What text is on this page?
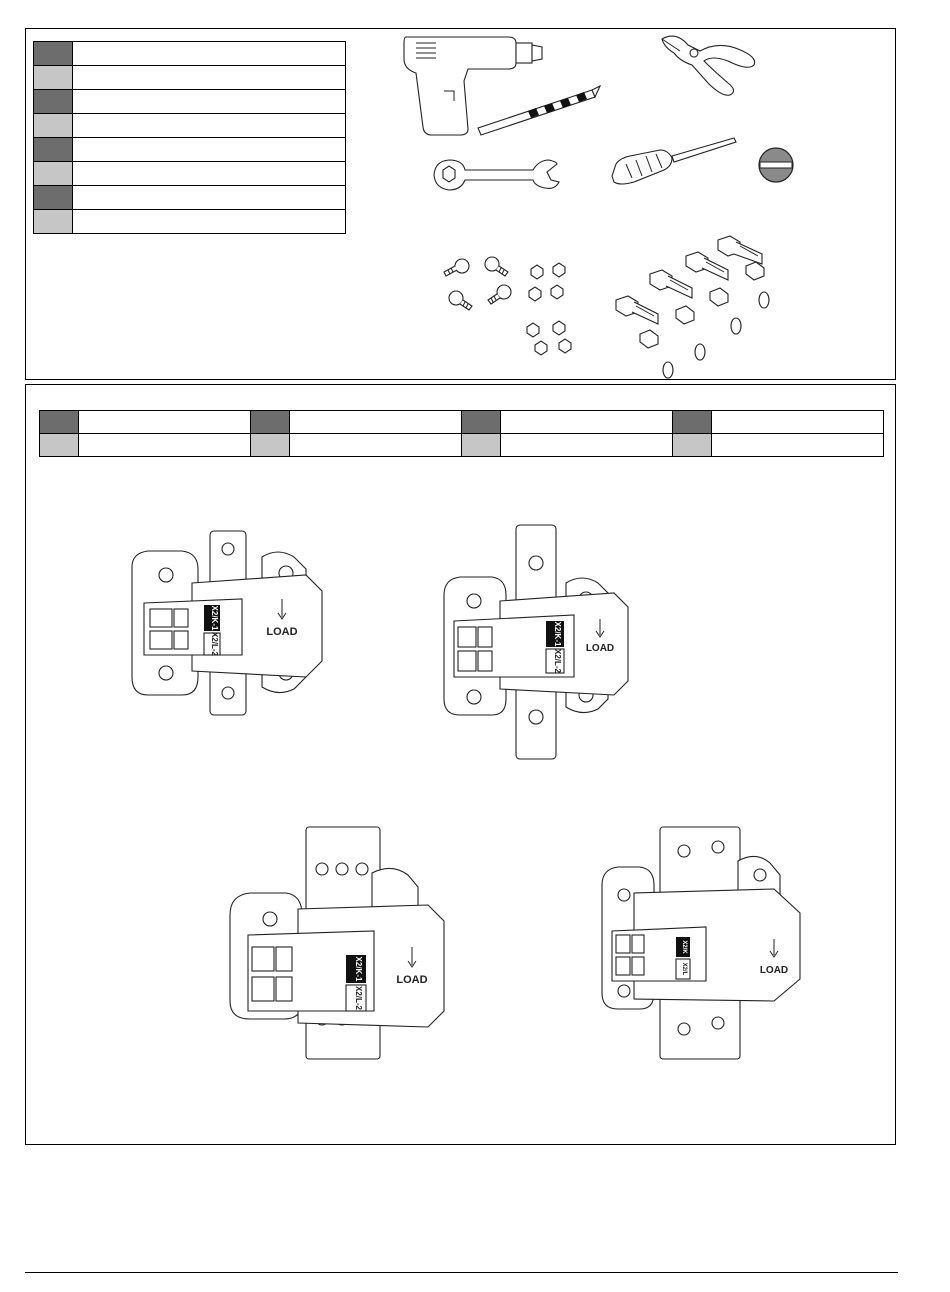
X2/K-1
X2/L-2	LOAD	X2/K-1
X2/L-2
LOAD
X2/K-1
X2/L-2
LOAD
X2/K
X2/L	LOAD
